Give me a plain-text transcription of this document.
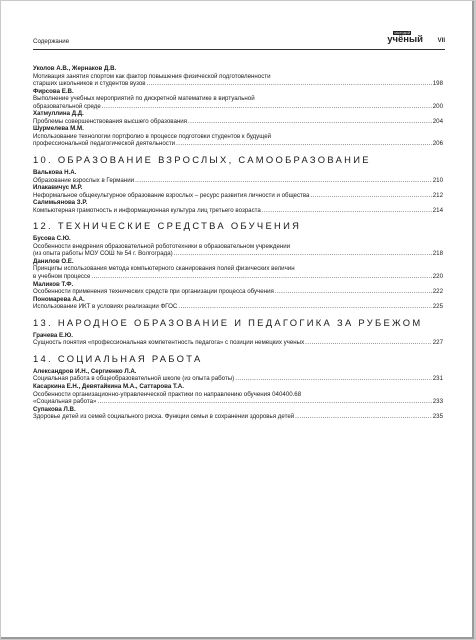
Содержание
МОЛОДОЙ
учёный VII
Уколов А.В., Жернаков Д.В.
Мотивация занятия спортом как фактор повышения физической подготовленности
старших школьников и студентов вузов .....	198
Фирсова Е.В.
Выполнение учебных мероприятий по дискретной математике в виртуальной
образовательной среде .....	200
Хатмуллина Д.Д.
Проблемы совершенствования высшего образования .....	204
Шурмелева М.М.
Использование технологии портфолио в процессе подготовки студентов к будущей
профессиональной педагогической деятельности .....	206
10. ОБРАЗОВАНИЕ ВЗРОСЛЫХ, САМООБРАЗОВАНИЕ
Валькова Н.А.
Образование взрослых в Германии .....	210
Илакавичус М.Р.
Неформальное общекультурное образование взрослых – ресурс развития личности и общества .....	212
Салимьянова З.Р.
Компьютерная грамотность и информационная культура лиц третьего возраста .....	214
12. ТЕХНИЧЕСКИЕ СРЕДСТВА ОБУЧЕНИЯ
Бусова С.Ю.
Особенности внедрения образовательной робототехники в образовательном учреждении
(из опыта работы МОУ СОШ № 54 г. Волгограда) .....	218
Данилов О.Е.
Принципы использования метода компьютерного сканирования полей физических величин
в учебном процессе .....	220
Маликов Т.Ф.
Особенности применения технических средств при организации процесса обучения .....	222
Пономарева А.А.
Использование ИКТ в условиях реализации ФГОС .....	225
13. НАРОДНОЕ ОБРАЗОВАНИЕ И ПЕДАГОГИКА ЗА РУБЕЖОМ
Грачева Е.Ю.
Сущность понятия «профессиональная компетентность педагога» с позиции немецких ученых .....	227
14. СОЦИАЛЬНАЯ РАБОТА
Александров И.Н., Сергиенко Л.А.
Социальная работа в общеобразовательной школе (из опыта работы) .....	231
Касаркина Е.Н., Девятайкина М.А., Саттарова Т.А.
Особенности организационно-управленческой практики по направлению обучения 040400.68
«Социальная работа» .....	233
Супакова Л.В.
Здоровье детей из семей социального риска. Функции семьи в сохранении здоровья детей .....	235
